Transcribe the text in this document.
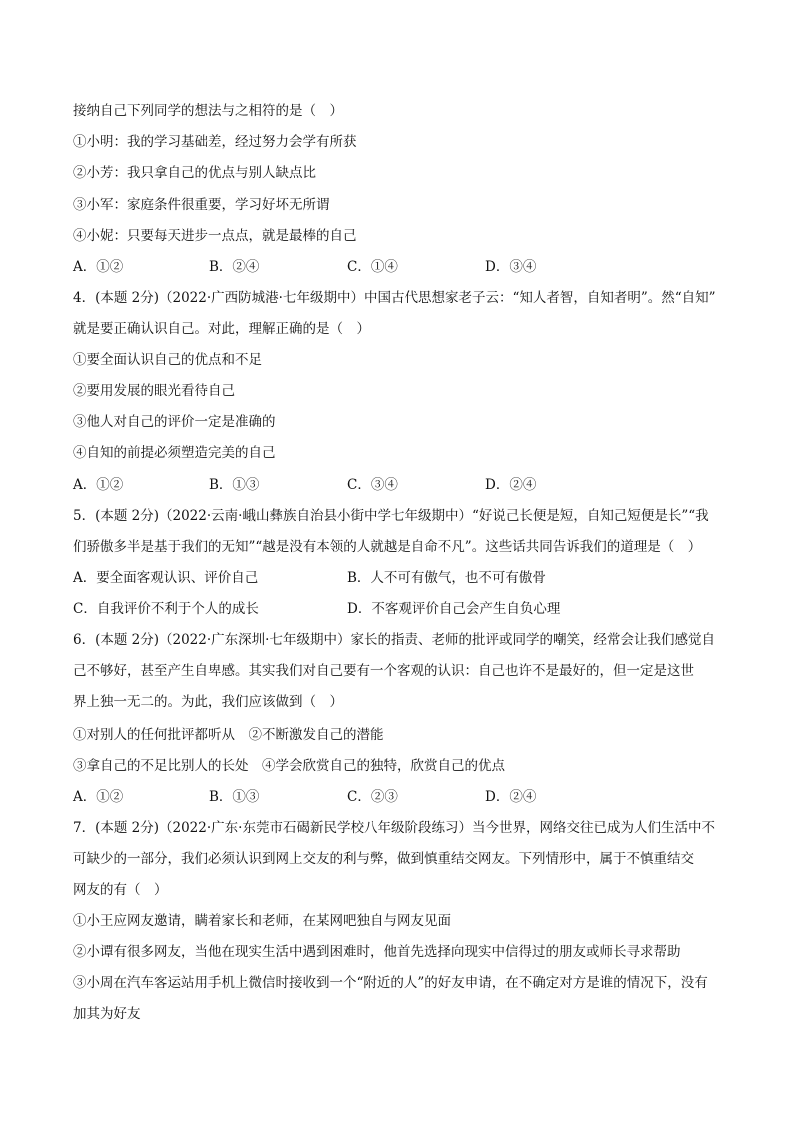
接纳自己下列同学的想法与之相符的是（　）
①小明：我的学习基础差，经过努力会学有所获
②小芳：我只拿自己的优点与别人缺点比
③小军：家庭条件很重要，学习好坏无所谓
④小妮：只要每天进步一点点，就是最棒的自己
A．①②	B．②④	C．①④	D．③④
4．(本题 2分)（2022·广西防城港·七年级期中）中国古代思想家老子云：“知人者智，自知者明”。然“自知”
就是要正确认识自己。对此，理解正确的是（　）
①要全面认识自己的优点和不足
②要用发展的眼光看待自己
③他人对自己的评价一定是准确的
④自知的前提必须塑造完美的自己
A．①②	B．①③	C．③④	D．②④
5．(本题 2分)（2022·云南·峨山彝族自治县小街中学七年级期中）“好说己长便是短，自知己短便是长”“我
们骄傲多半是基于我们的无知”“越是没有本领的人就越是自命不凡”。这些话共同告诉我们的道理是（　）
A．要全面客观认识、评价自己	B．人不可有傲气，也不可有傲骨
C．自我评价不利于个人的成长	D．不客观评价自己会产生自负心理
6．(本题 2分)（2022·广东深圳·七年级期中）家长的指责、老师的批评或同学的嘲笑，经常会让我们感觉自
己不够好，甚至产生自卑感。其实我们对自己要有一个客观的认识：自己也许不是最好的，但一定是这世
界上独一无二的。为此，我们应该做到（　）
①对别人的任何批评都听从　②不断激发自己的潜能
③拿自己的不足比别人的长处　④学会欣赏自己的独特，欣赏自己的优点
A．①②	B．①③	C．②③	D．②④
7．(本题 2分)（2022·广东·东莞市石碣新民学校八年级阶段练习）当今世界，网络交往已成为人们生活中不
可缺少的一部分，我们必须认识到网上交友的利与弊，做到慎重结交网友。下列情形中，属于不慎重结交
网友的有（　）
①小王应网友邀请，瞒着家长和老师，在某网吧独自与网友见面
②小谭有很多网友，当他在现实生活中遇到困难时，他首先选择向现实中信得过的朋友或师长寻求帮助
③小周在汽车客运站用手机上微信时接收到一个“附近的人”的好友申请，在不确定对方是谁的情况下，没有
加其为好友
